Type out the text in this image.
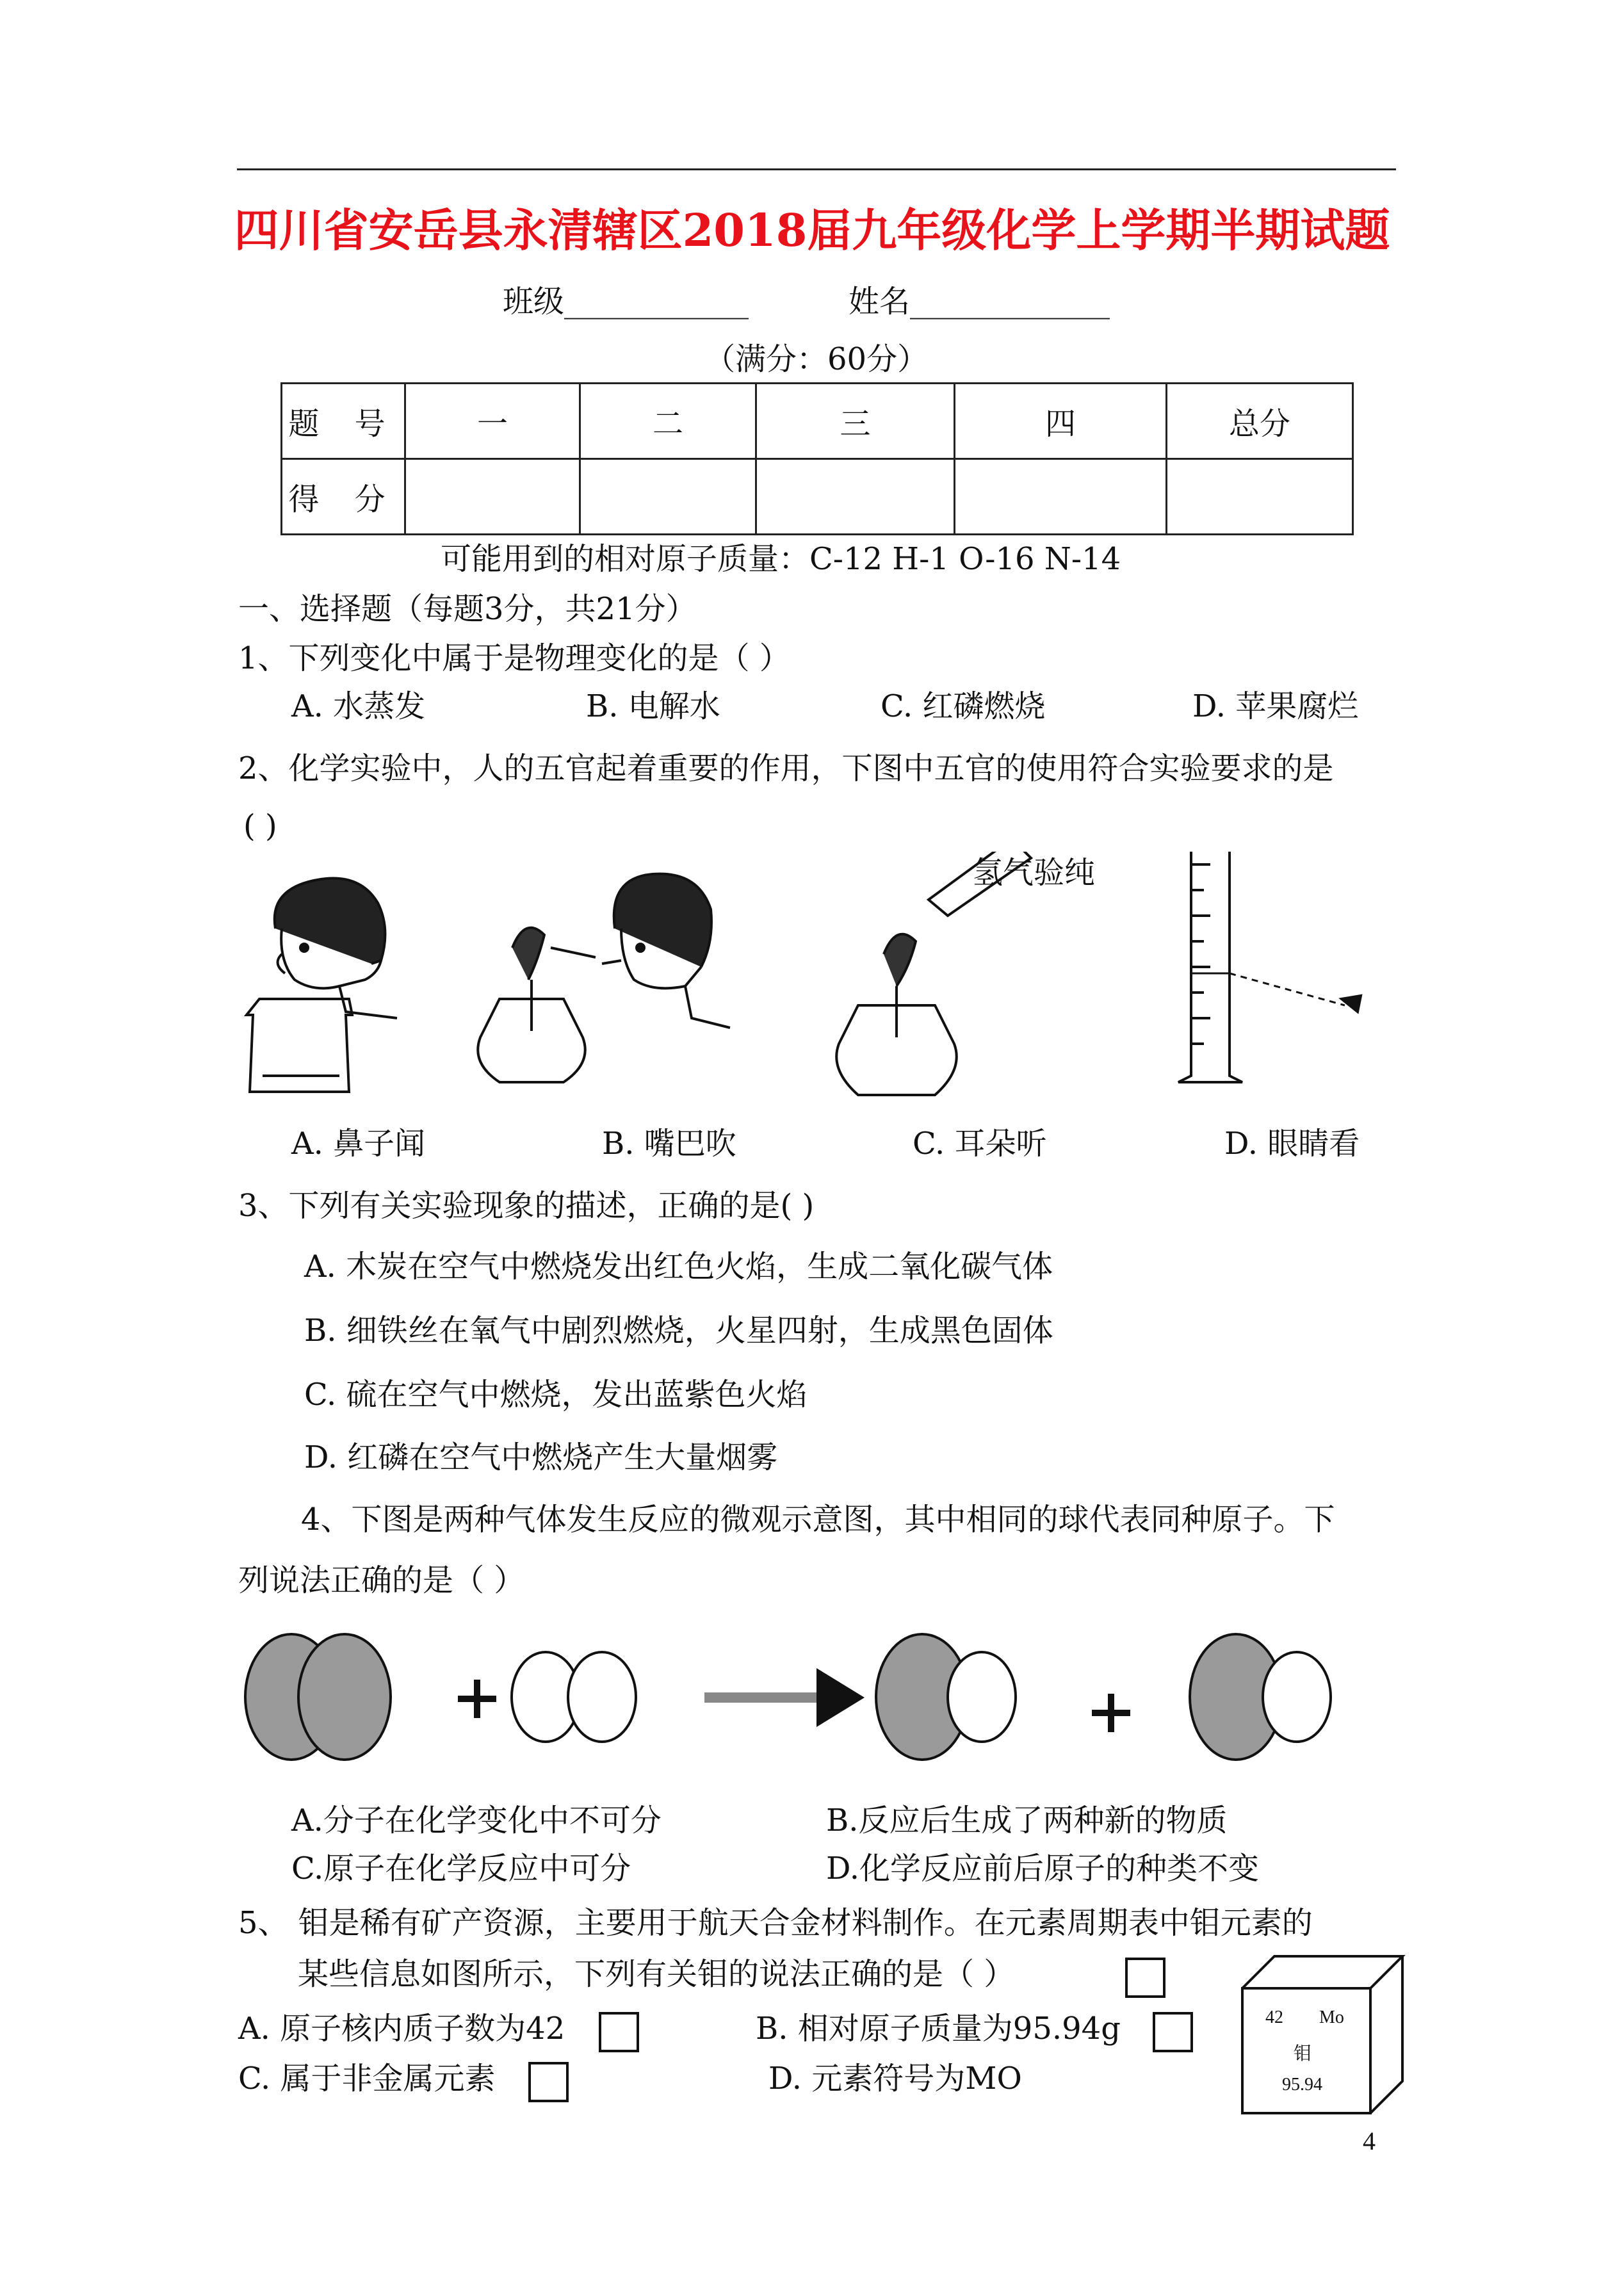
四川省安岳县永清辖区2018届九年级化学上学期半期试题
班级____________	姓名_____________
（满分：60分）
题 号	一	二	三	四	总分
得 分					
可能用到的相对原子质量：C-12 H-1 O-16 N-14
一、选择题（每题3分，共21分）
1、下列变化中属于是物理变化的是（ ）
A. 水蒸发	B. 电解水	C. 红磷燃烧	D. 苹果腐烂
2、化学实验中，人的五官起着重要的作用，下图中五官的使用符合实验要求的是
( )
氢气验纯
A. 鼻子闻	B. 嘴巴吹	C. 耳朵听	D. 眼睛看
3、下列有关实验现象的描述，正确的是( )
A. 木炭在空气中燃烧发出红色火焰，生成二氧化碳气体
B. 细铁丝在氧气中剧烈燃烧，火星四射，生成黑色固体
C. 硫在空气中燃烧，发出蓝紫色火焰
D. 红磷在空气中燃烧产生大量烟雾
4、下图是两种气体发生反应的微观示意图，其中相同的球代表同种原子。下
列说法正确的是（ ）
A.分子在化学变化中不可分	B.反应后生成了两种新的物质
C.原子在化学反应中可分	D.化学反应前后原子的种类不变
5、 钼是稀有矿产资源，主要用于航天合金材料制作。在元素周期表中钼元素的
某些信息如图所示，下列有关钼的说法正确的是（ ）
A. 原子核内质子数为42	B. 相对原子质量为95.94g
C. 属于非金属元素	D. 元素符号为MO
42 Mo
钼
95.94
4
